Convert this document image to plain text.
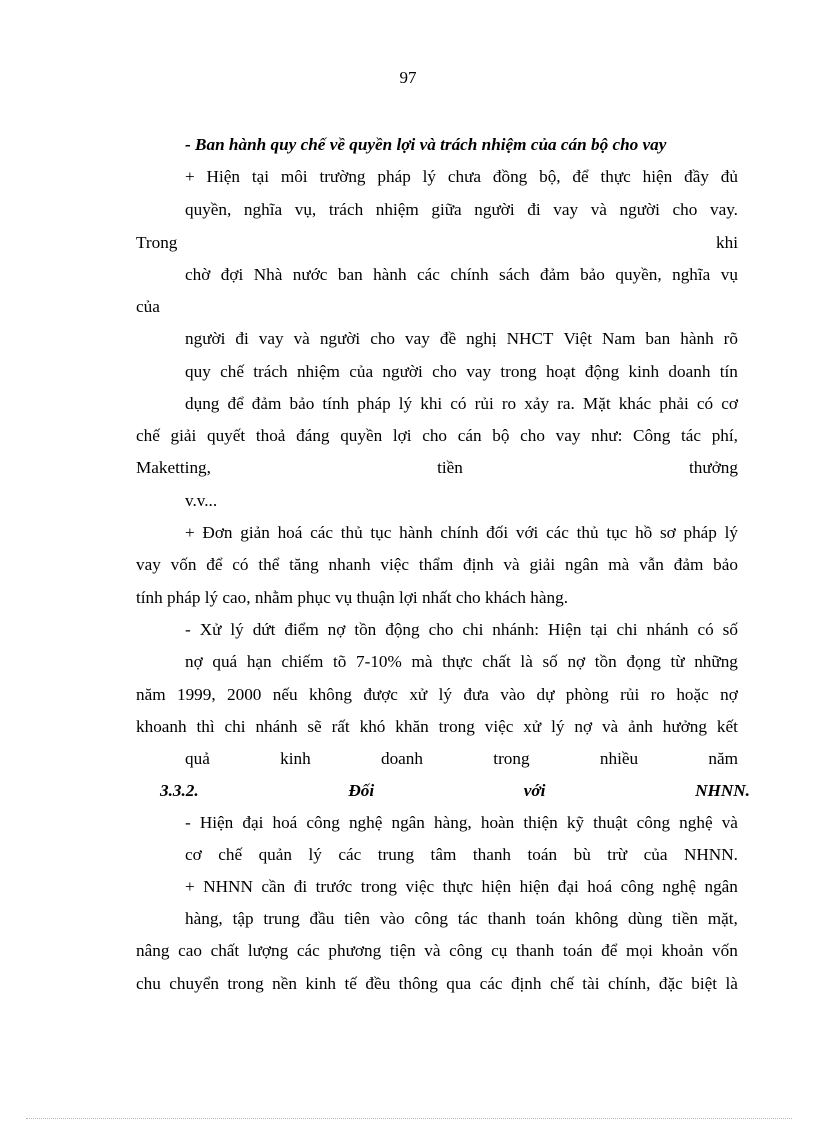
97
- Ban hành quy chế về quyền lợi và trách nhiệm của cán bộ cho vay
+ Hiện tại môi trường pháp lý chưa đồng bộ, để thực hiện đầy đủ
quyền, nghĩa vụ, trách nhiệm giữa người đi vay và người cho vay.
Trong	khi
chờ đợi Nhà nước ban hành các chính sách đảm bảo quyền, nghĩa vụ
của
người đi vay và người cho vay đề nghị NHCT Việt Nam ban hành rõ
quy chế trách nhiệm của người cho vay trong hoạt động kinh doanh tín
dụng để đảm bảo tính pháp lý khi có rủi ro xảy ra. Mặt khác phải có cơ
chế giải quyết thoả đáng quyền lợi cho cán bộ cho vay như: Công tác phí,
Maketting,	tiền	thưởng
v.v...
+ Đơn giản hoá các thủ tục hành chính đối với các thủ tục hồ sơ pháp lý
vay vốn để có thể tăng nhanh việc thẩm định và giải ngân mà vẫn đảm bảo
tính pháp lý cao, nhằm phục vụ thuận lợi nhất cho khách hàng.
- Xử lý dứt điểm nợ tồn động cho chi nhánh: Hiện tại chi nhánh có số
nợ quá hạn chiếm tõ 7-10% mà thực chất là số nợ tồn đọng từ những
năm 1999, 2000 nếu không được xử lý đưa vào dự phòng rủi ro hoặc nợ
khoanh thì chi nhánh sẽ rất khó khăn trong việc xử lý nợ và ảnh hưởng kết
quả	kinh	doanh	trong	nhiều	năm
3.3.2.	Đối	với	NHNN.
- Hiện đại hoá công nghệ ngân hàng, hoàn thiện kỹ thuật công nghệ và
cơ chế quản lý các trung tâm thanh toán bù trừ của NHNN.
+ NHNN cần đi trước trong việc thực hiện hiện đại hoá công nghệ ngân
hàng, tập trung đầu tiên vào công tác thanh toán không dùng tiền mặt,
nâng cao chất lượng các phương tiện và công cụ thanh toán để mọi khoản vốn
chu chuyển trong nền kinh tế đều thông qua các định chế tài chính, đặc biệt là
